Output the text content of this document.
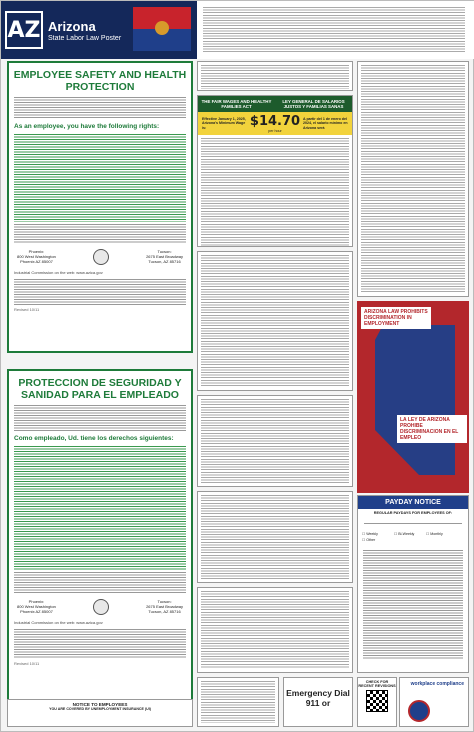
AZ Arizona
State Labor Law Poster
EMPLOYEE SAFETY AND HEALTH PROTECTION
As an employee, you have the following rights:
Phoenix:
800 West Washington
Phoenix AZ 85007
Tucson:
2675 East Broadway
Tucson, AZ 85716
Industrial Commission on the web: www.azica.gov
Revised 10/11
PROTECCION DE SEGURIDAD Y SANIDAD PARA EL EMPLEADO
Como empleado, Ud. tiene los derechos siguientes:
Phoenix:
800 West Washington
Phoenix AZ 85007
Tucson:
2675 East Broadway
Tucson, AZ 85716
Industrial Commission on the web: www.azica.gov
Revised 10/11
THE FAIR WAGES AND HEALTHY FAMILIES ACT
LEY GENERAL DE SALARIOS JUSTOS Y FAMILIAS SANAS
Effective January 1, 2025, Arizona's Minimum Wage is:	$14.70
per hour
A partir del 1 de enero del 2024, el salario mínimo en Arizona será
ARIZONA LAW PROHIBITS DISCRIMINATION IN EMPLOYMENT
LA LEY DE ARIZONA PROHIBE DISCRIMINACION EN EL EMPLEO
PAYDAY NOTICE
REGULAR PAYDAYS FOR EMPLOYEES OF:
☐ Weekly	☐ Bi-Weekly	☐ Monthly
☐ Other
NOTICE TO EMPLOYEES
YOU ARE COVERED BY UNEMPLOYMENT INSURANCE (UI)
Emergency Dial 911 or
CHECK FOR RECENT REVISIONS	workplace compliance
